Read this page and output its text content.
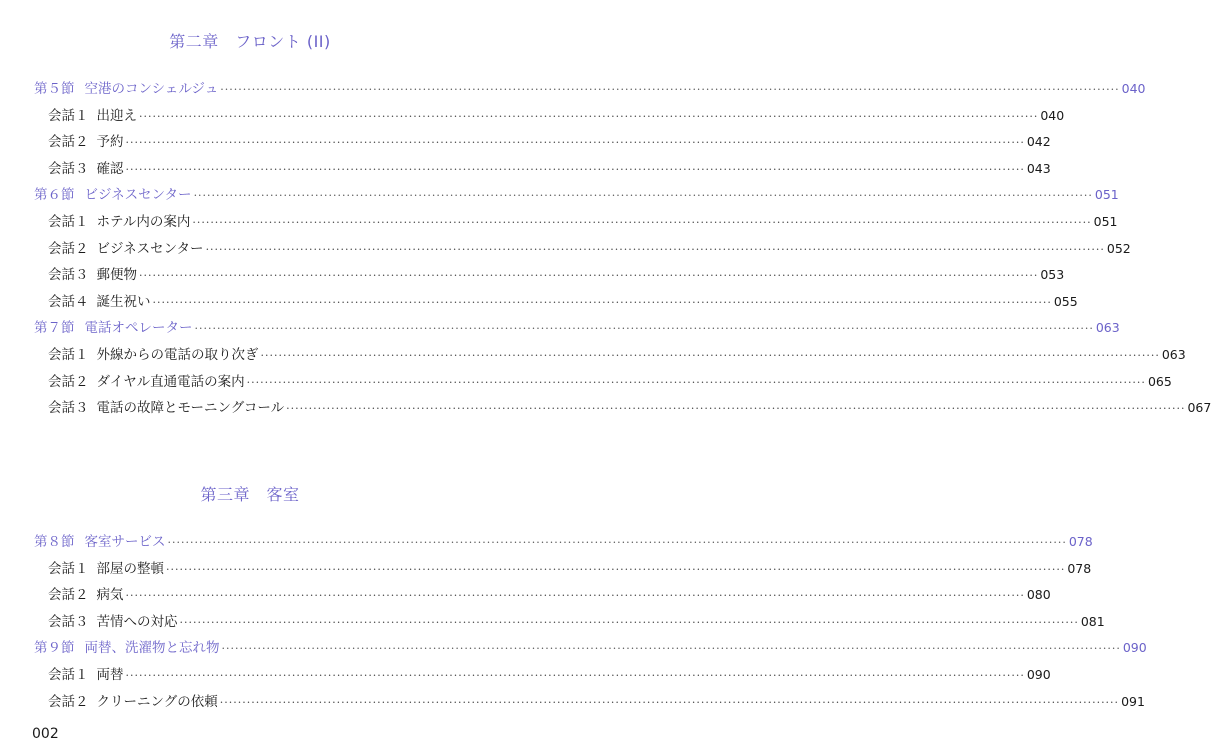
第二章　フロント (II)
第５節 空港のコンシェルジュ ········································································································································································································ 040
会話１ 出迎え ········································································································································································································ 040
会話２ 予約 ········································································································································································································ 042
会話３ 確認 ········································································································································································································ 043
第６節 ビジネスセンター ········································································································································································································ 051
会話１ ホテル内の案内 ········································································································································································································ 051
会話２ ビジネスセンター ········································································································································································································ 052
会話３ 郵便物 ········································································································································································································ 053
会話４ 誕生祝い ········································································································································································································ 055
第７節 電話オペレーター ········································································································································································································ 063
会話１ 外線からの電話の取り次ぎ ········································································································································································································ 063
会話２ ダイヤル直通電話の案内 ········································································································································································································ 065
会話３ 電話の故障とモーニングコール ········································································································································································································ 067
第三章　客室
第８節 客室サービス ········································································································································································································ 078
会話１ 部屋の整頓 ········································································································································································································ 078
会話２ 病気 ········································································································································································································ 080
会話３ 苦情への対応 ········································································································································································································ 081
第９節 両替、洗濯物と忘れ物 ········································································································································································································ 090
会話１ 両替 ········································································································································································································ 090
会話２ クリーニングの依頼 ········································································································································································································ 091
002
